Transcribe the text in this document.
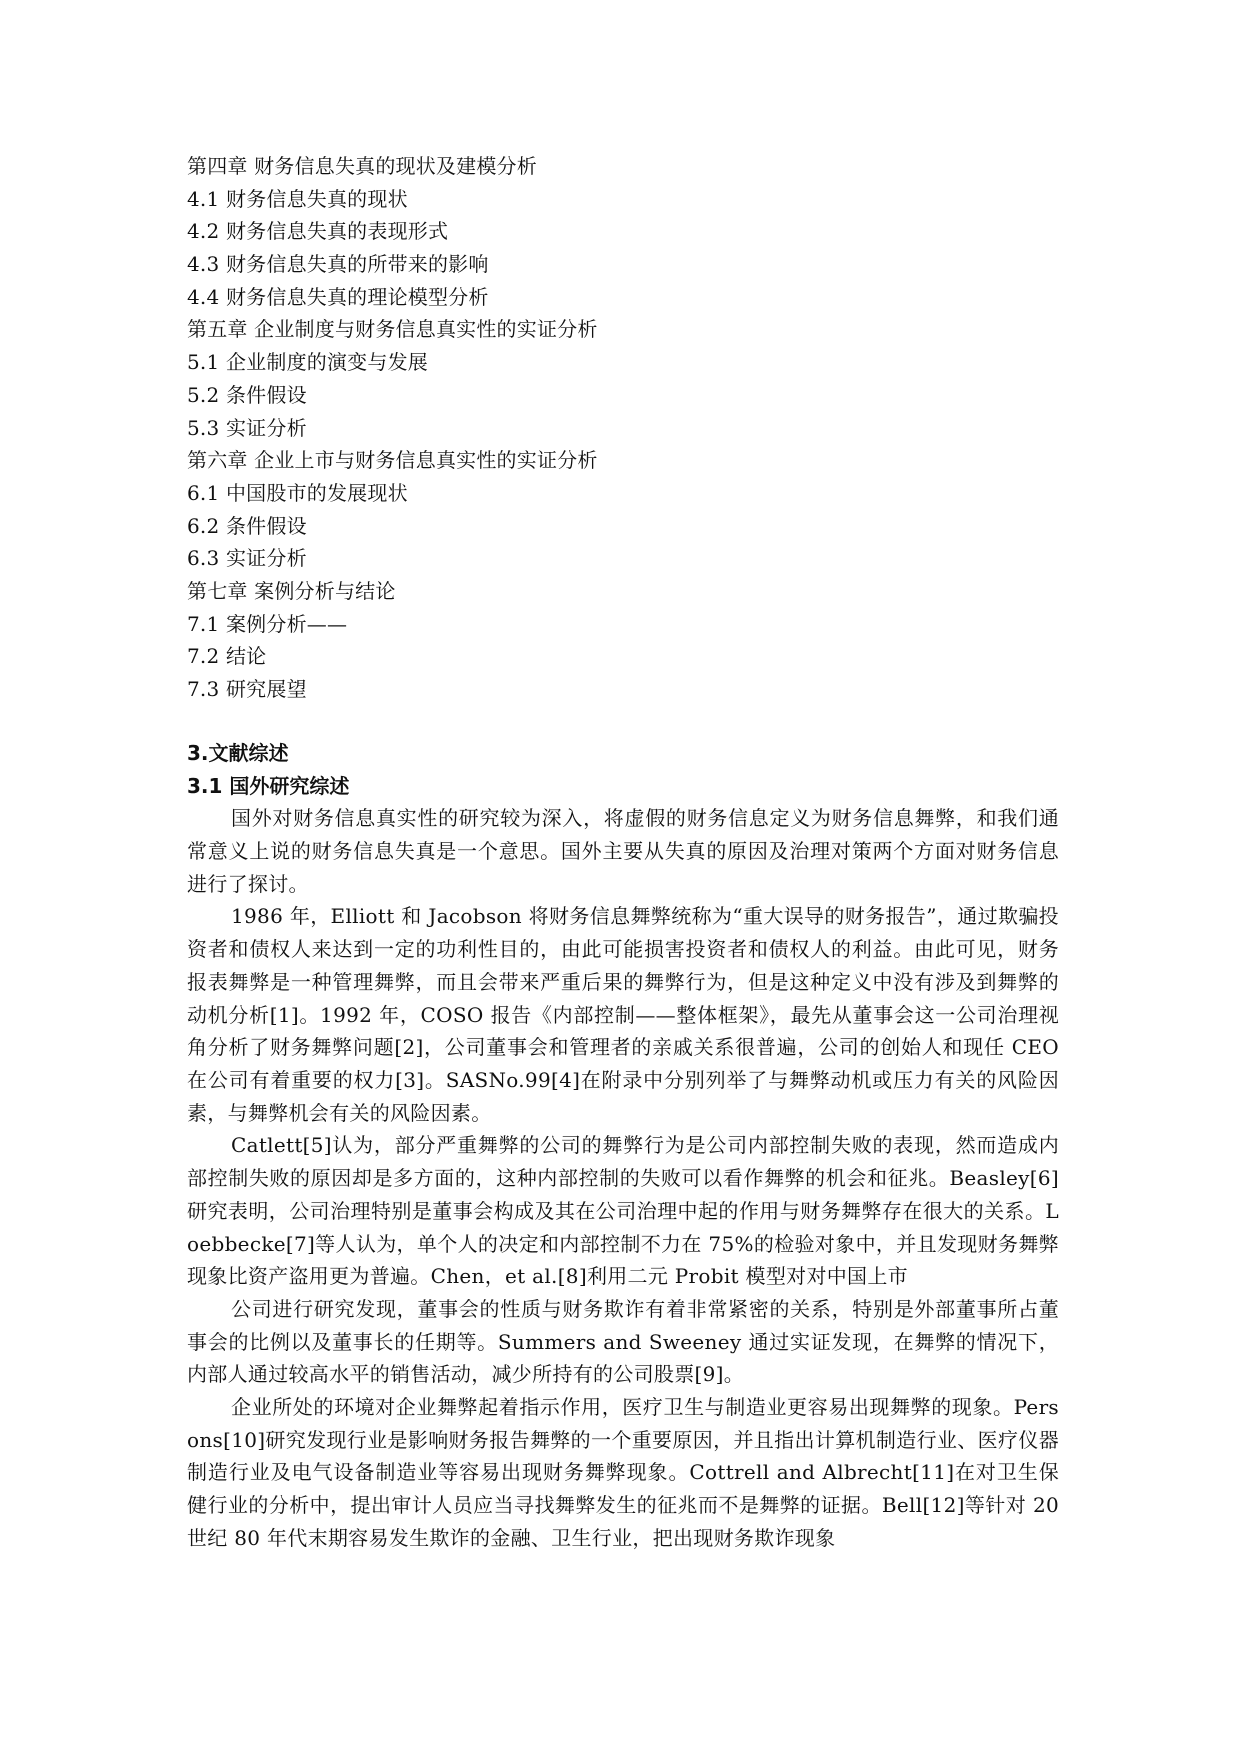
第四章 财务信息失真的现状及建模分析
4.1 财务信息失真的现状
4.2 财务信息失真的表现形式
4.3 财务信息失真的所带来的影响
4.4 财务信息失真的理论模型分析
第五章 企业制度与财务信息真实性的实证分析
5.1 企业制度的演变与发展
5.2 条件假设
5.3 实证分析
第六章 企业上市与财务信息真实性的实证分析
6.1 中国股市的发展现状
6.2 条件假设
6.3 实证分析
第七章 案例分析与结论
7.1 案例分析——
7.2 结论
7.3 研究展望
3.文献综述
3.1 国外研究综述

国外对财务信息真实性的研究较为深入，将虚假的财务信息定义为财务信息舞弊，和我们通常意义上说的财务信息失真是一个意思。国外主要从失真的原因及治理对策两个方面对财务信息进行了探讨。

1986 年，Elliott 和 Jacobson 将财务信息舞弊统称为“重大误导的财务报告”，通过欺骗投资者和债权人来达到一定的功利性目的，由此可能损害投资者和债权人的利益。由此可见，财务报表舞弊是一种管理舞弊，而且会带来严重后果的舞弊行为，但是这种定义中没有涉及到舞弊的动机分析[1]。1992 年，COSO 报告《内部控制——整体框架》，最先从董事会这一公司治理视角分析了财务舞弊问题[2]，公司董事会和管理者的亲戚关系很普遍，公司的创始人和现任 CEO 在公司有着重要的权力[3]。SASNo.99[4]在附录中分别列举了与舞弊动机或压力有关的风险因素，与舞弊机会有关的风险因素。

Catlett[5]认为，部分严重舞弊的公司的舞弊行为是公司内部控制失败的表现，然而造成内部控制失败的原因却是多方面的，这种内部控制的失败可以看作舞弊的机会和征兆。Beasley[6]研究表明，公司治理特别是董事会构成及其在公司治理中起的作用与财务舞弊存在很大的关系。Loebbecke[7]等人认为，单个人的决定和内部控制不力在 75%的检验对象中，并且发现财务舞弊现象比资产盗用更为普遍。Chen，et al.[8]利用二元 Probit 模型对对中国上市

公司进行研究发现，董事会的性质与财务欺诈有着非常紧密的关系，特别是外部董事所占董事会的比例以及董事长的任期等。Summers and Sweeney 通过实证发现，在舞弊的情况下，内部人通过较高水平的销售活动，减少所持有的公司股票[9]。

企业所处的环境对企业舞弊起着指示作用，医疗卫生与制造业更容易出现舞弊的现象。Persons[10]研究发现行业是影响财务报告舞弊的一个重要原因，并且指出计算机制造行业、医疗仪器制造行业及电气设备制造业等容易出现财务舞弊现象。Cottrell and Albrecht[11]在对卫生保健行业的分析中，提出审计人员应当寻找舞弊发生的征兆而不是舞弊的证据。Bell[12]等针对 20 世纪 80 年代末期容易发生欺诈的金融、卫生行业，把出现财务欺诈现象
